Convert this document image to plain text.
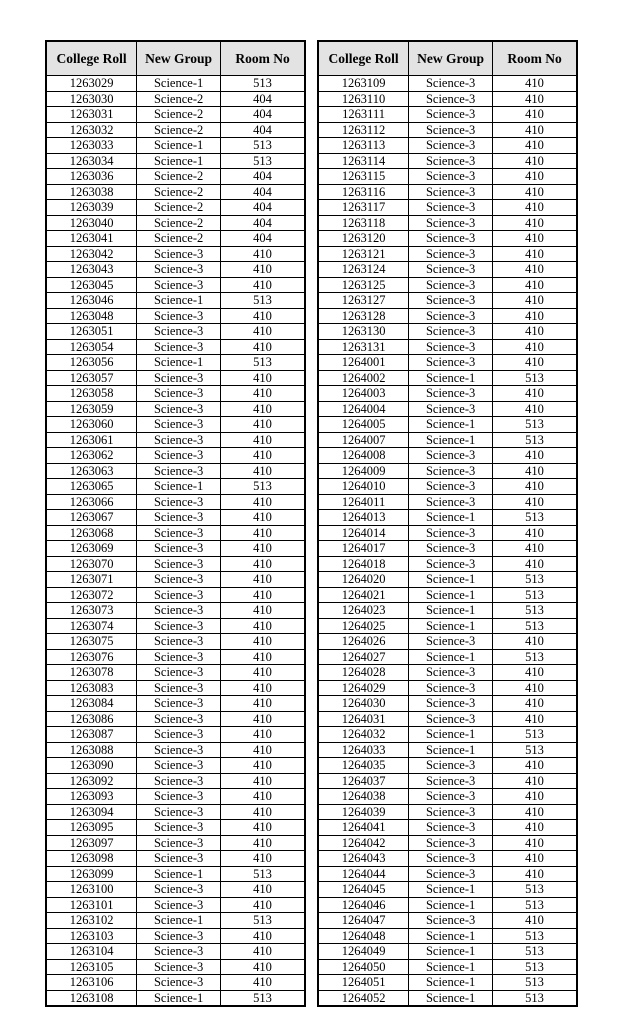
College Roll	New Group	Room No
1263029	Science-1	513
1263030	Science-2	404
1263031	Science-2	404
1263032	Science-2	404
1263033	Science-1	513
1263034	Science-1	513
1263036	Science-2	404
1263038	Science-2	404
1263039	Science-2	404
1263040	Science-2	404
1263041	Science-2	404
1263042	Science-3	410
1263043	Science-3	410
1263045	Science-3	410
1263046	Science-1	513
1263048	Science-3	410
1263051	Science-3	410
1263054	Science-3	410
1263056	Science-1	513
1263057	Science-3	410
1263058	Science-3	410
1263059	Science-3	410
1263060	Science-3	410
1263061	Science-3	410
1263062	Science-3	410
1263063	Science-3	410
1263065	Science-1	513
1263066	Science-3	410
1263067	Science-3	410
1263068	Science-3	410
1263069	Science-3	410
1263070	Science-3	410
1263071	Science-3	410
1263072	Science-3	410
1263073	Science-3	410
1263074	Science-3	410
1263075	Science-3	410
1263076	Science-3	410
1263078	Science-3	410
1263083	Science-3	410
1263084	Science-3	410
1263086	Science-3	410
1263087	Science-3	410
1263088	Science-3	410
1263090	Science-3	410
1263092	Science-3	410
1263093	Science-3	410
1263094	Science-3	410
1263095	Science-3	410
1263097	Science-3	410
1263098	Science-3	410
1263099	Science-1	513
1263100	Science-3	410
1263101	Science-3	410
1263102	Science-1	513
1263103	Science-3	410
1263104	Science-3	410
1263105	Science-3	410
1263106	Science-3	410
1263108	Science-1	513
College Roll	New Group	Room No
1263109	Science-3	410
1263110	Science-3	410
1263111	Science-3	410
1263112	Science-3	410
1263113	Science-3	410
1263114	Science-3	410
1263115	Science-3	410
1263116	Science-3	410
1263117	Science-3	410
1263118	Science-3	410
1263120	Science-3	410
1263121	Science-3	410
1263124	Science-3	410
1263125	Science-3	410
1263127	Science-3	410
1263128	Science-3	410
1263130	Science-3	410
1263131	Science-3	410
1264001	Science-3	410
1264002	Science-1	513
1264003	Science-3	410
1264004	Science-3	410
1264005	Science-1	513
1264007	Science-1	513
1264008	Science-3	410
1264009	Science-3	410
1264010	Science-3	410
1264011	Science-3	410
1264013	Science-1	513
1264014	Science-3	410
1264017	Science-3	410
1264018	Science-3	410
1264020	Science-1	513
1264021	Science-1	513
1264023	Science-1	513
1264025	Science-1	513
1264026	Science-3	410
1264027	Science-1	513
1264028	Science-3	410
1264029	Science-3	410
1264030	Science-3	410
1264031	Science-3	410
1264032	Science-1	513
1264033	Science-1	513
1264035	Science-3	410
1264037	Science-3	410
1264038	Science-3	410
1264039	Science-3	410
1264041	Science-3	410
1264042	Science-3	410
1264043	Science-3	410
1264044	Science-3	410
1264045	Science-1	513
1264046	Science-1	513
1264047	Science-3	410
1264048	Science-1	513
1264049	Science-1	513
1264050	Science-1	513
1264051	Science-1	513
1264052	Science-1	513
